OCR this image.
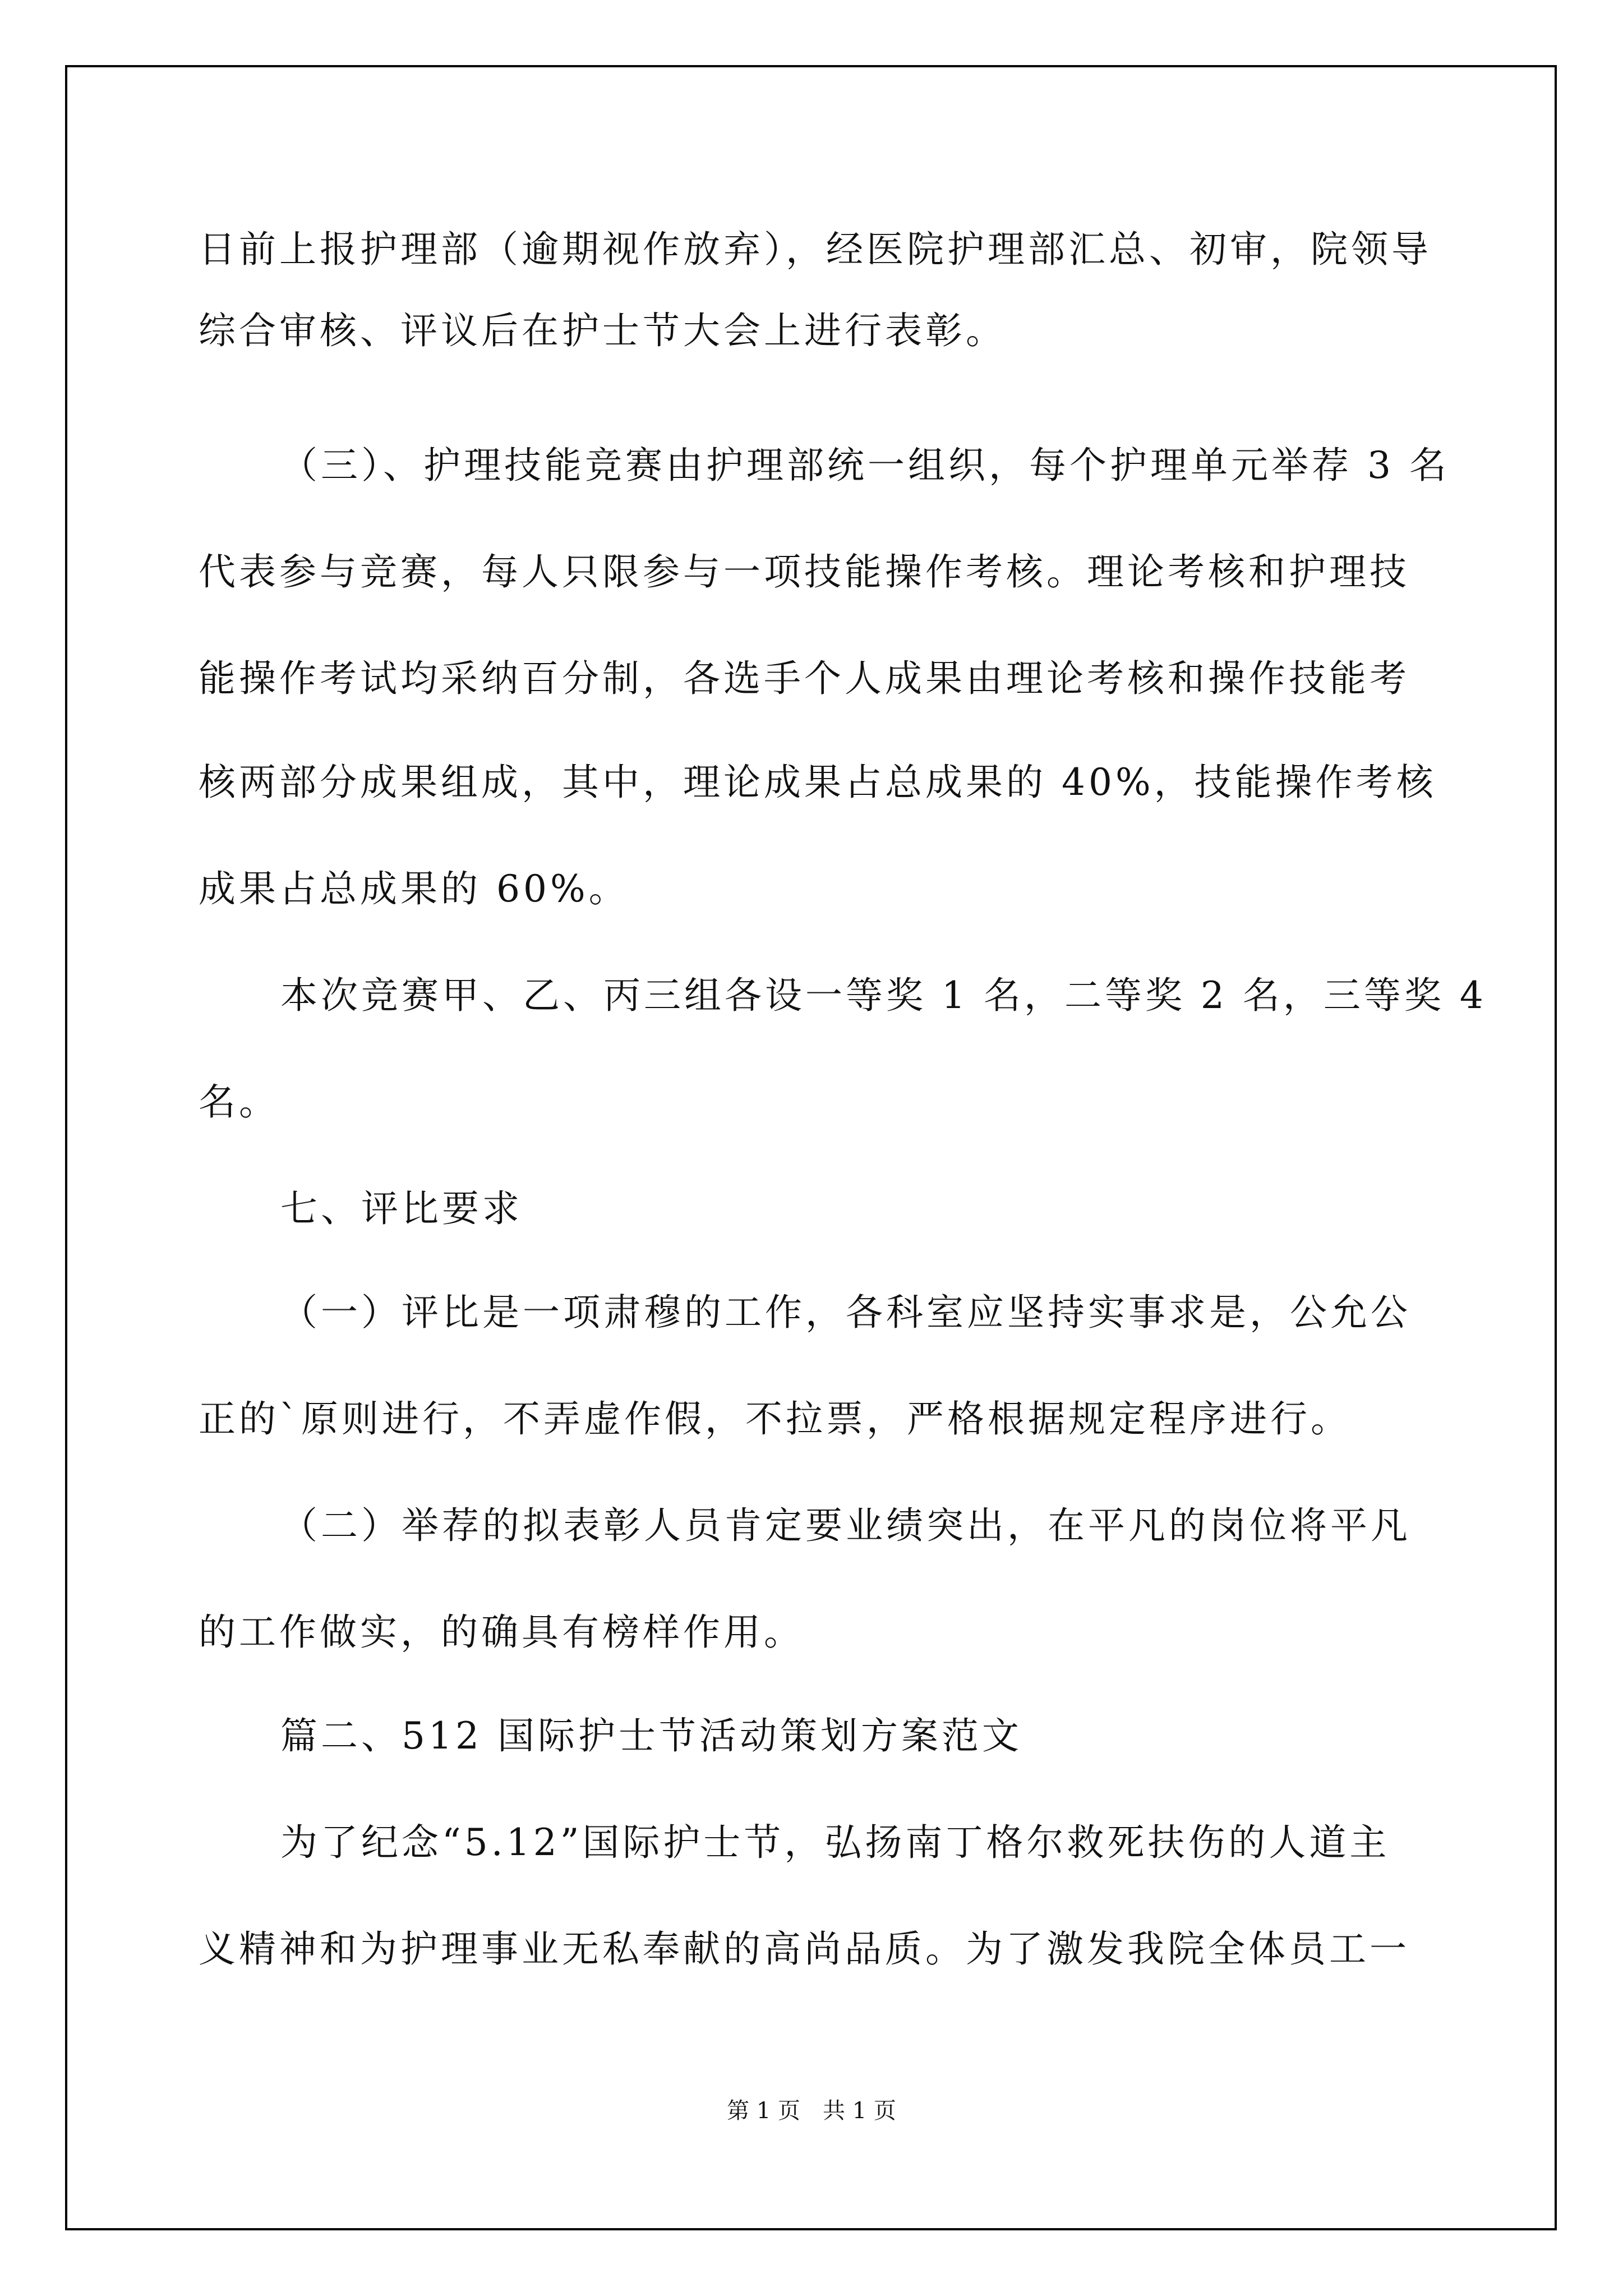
日前上报护理部（逾期视作放弃），经医院护理部汇总、初审，院领导
综合审核、评议后在护士节大会上进行表彰。
（三）、护理技能竞赛由护理部统一组织，每个护理单元举荐 3 名
代表参与竞赛，每人只限参与一项技能操作考核。理论考核和护理技
能操作考试均采纳百分制，各选手个人成果由理论考核和操作技能考
核两部分成果组成，其中，理论成果占总成果的 40%，技能操作考核
成果占总成果的 60%。
本次竞赛甲、乙、丙三组各设一等奖 1 名，二等奖 2 名，三等奖 4
名。
七、评比要求
（一）评比是一项肃穆的工作，各科室应坚持实事求是，公允公
正的`原则进行，不弄虚作假，不拉票，严格根据规定程序进行。
（二）举荐的拟表彰人员肯定要业绩突出，在平凡的岗位将平凡
的工作做实，的确具有榜样作用。
篇二、512 国际护士节活动策划方案范文
为了纪念“5.12”国际护士节，弘扬南丁格尔救死扶伤的人道主
义精神和为护理事业无私奉献的高尚品质。为了激发我院全体员工一
第 1 页 共 1 页
